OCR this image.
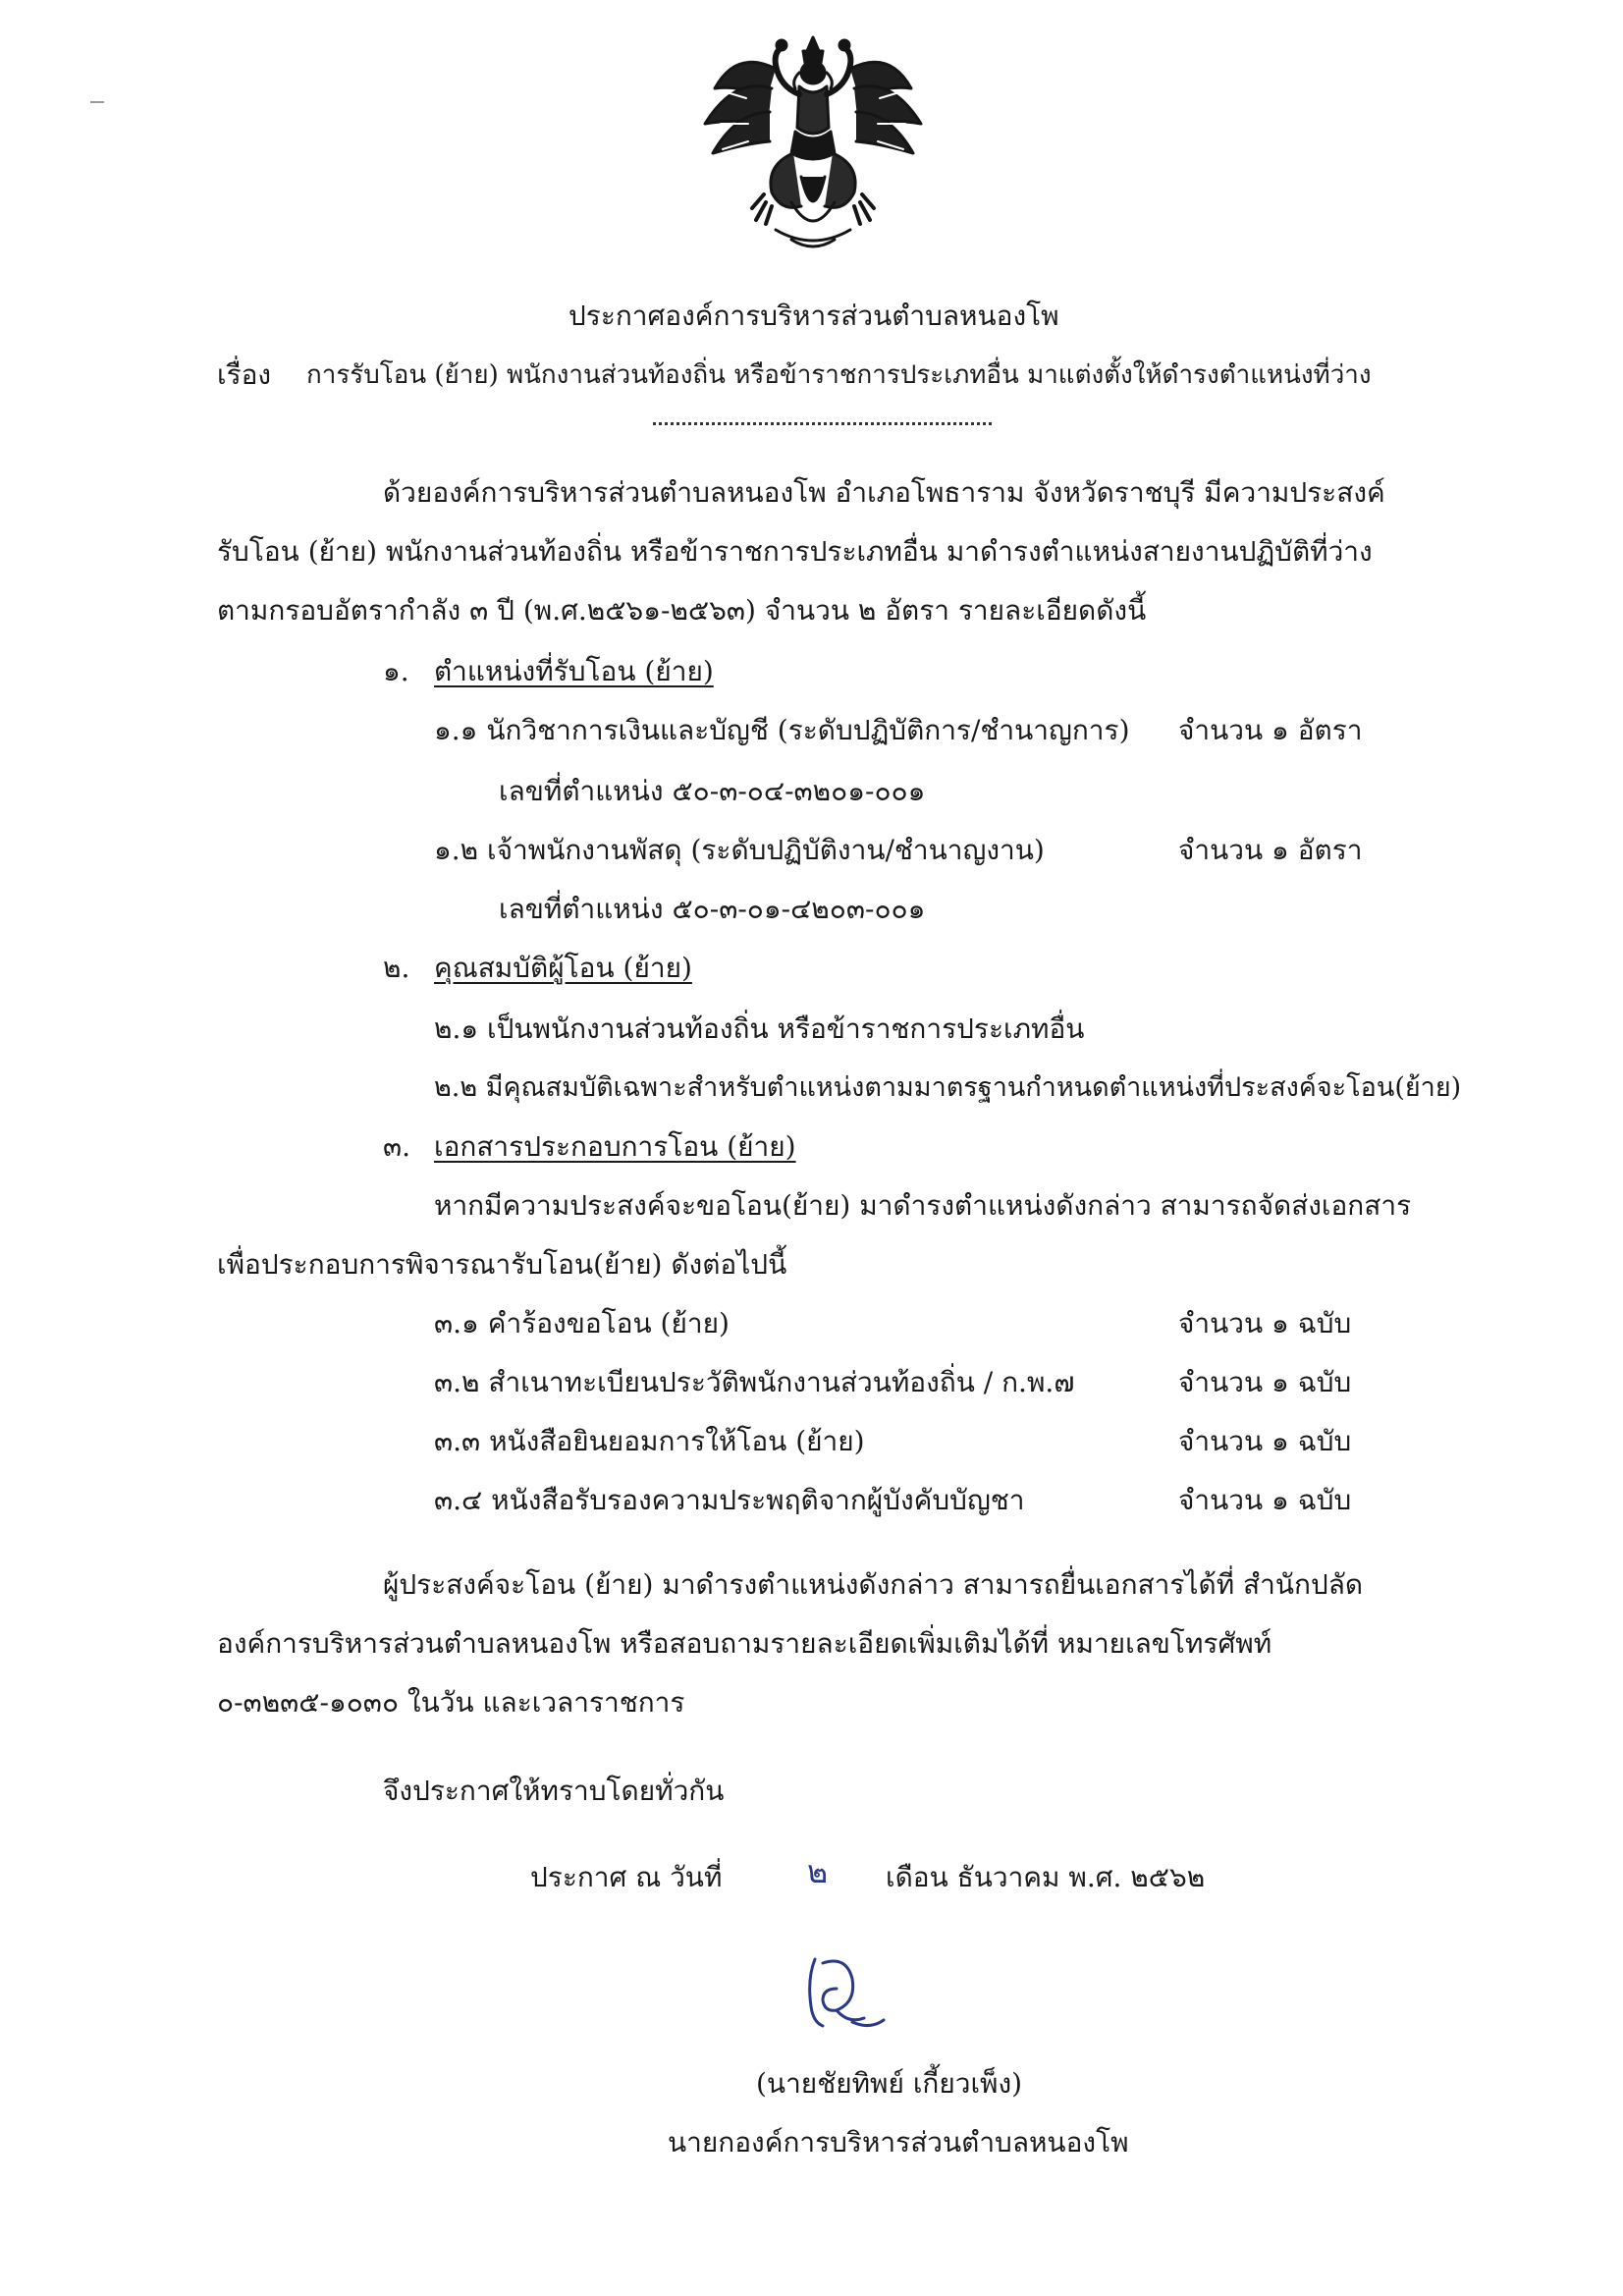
ประกาศองค์การบริหารส่วนตำบลหนองโพ
เรื่อง การรับโอน (ย้าย) พนักงานส่วนท้องถิ่น หรือข้าราชการประเภทอื่น มาแต่งตั้งให้ดำรงตำแหน่งที่ว่าง
ด้วยองค์การบริหารส่วนตำบลหนองโพ อำเภอโพธาราม จังหวัดราชบุรี มีความประสงค์
รับโอน (ย้าย) พนักงานส่วนท้องถิ่น หรือข้าราชการประเภทอื่น มาดำรงตำแหน่งสายงานปฏิบัติที่ว่าง
ตามกรอบอัตรากำลัง ๓ ปี (พ.ศ.๒๕๖๑-๒๕๖๓) จำนวน ๒ อัตรา รายละเอียดดังนี้
๑. ตำแหน่งที่รับโอน (ย้าย)
๑.๑ นักวิชาการเงินและบัญชี (ระดับปฏิบัติการ/ชำนาญการ) จำนวน ๑ อัตรา
เลขที่ตำแหน่ง ๕๐-๓-๐๔-๓๒๐๑-๐๐๑
๑.๒ เจ้าพนักงานพัสดุ (ระดับปฏิบัติงาน/ชำนาญงาน)	จำนวน ๑ อัตรา
เลขที่ตำแหน่ง ๕๐-๓-๐๑-๔๒๐๓-๐๐๑
๒. คุณสมบัติผู้โอน (ย้าย)
๒.๑ เป็นพนักงานส่วนท้องถิ่น หรือข้าราชการประเภทอื่น
๒.๒ มีคุณสมบัติเฉพาะสำหรับตำแหน่งตามมาตรฐานกำหนดตำแหน่งที่ประสงค์จะโอน(ย้าย)
๓. เอกสารประกอบการโอน (ย้าย)
หากมีความประสงค์จะขอโอน(ย้าย) มาดำรงตำแหน่งดังกล่าว สามารถจัดส่งเอกสาร
เพื่อประกอบการพิจารณารับโอน(ย้าย) ดังต่อไปนี้
๓.๑ คำร้องขอโอน (ย้าย)	จำนวน ๑ ฉบับ
๓.๒ สำเนาทะเบียนประวัติพนักงานส่วนท้องถิ่น / ก.พ.๗	จำนวน ๑ ฉบับ
๓.๓ หนังสือยินยอมการให้โอน (ย้าย)	จำนวน ๑ ฉบับ
๓.๔ หนังสือรับรองความประพฤติจากผู้บังคับบัญชา	จำนวน ๑ ฉบับ
ผู้ประสงค์จะโอน (ย้าย) มาดำรงตำแหน่งดังกล่าว สามารถยื่นเอกสารได้ที่ สำนักปลัด
องค์การบริหารส่วนตำบลหนองโพ หรือสอบถามรายละเอียดเพิ่มเติมได้ที่ หมายเลขโทรศัพท์
๐-๓๒๓๕-๑๐๓๐ ในวัน และเวลาราชการ
จึงประกาศให้ทราบโดยทั่วกัน
ประกาศ ณ วันที่	๒ เดือน ธันวาคม พ.ศ. ๒๕๖๒
(นายชัยทิพย์ เกี้ยวเพ็ง)
นายกองค์การบริหารส่วนตำบลหนองโพ
